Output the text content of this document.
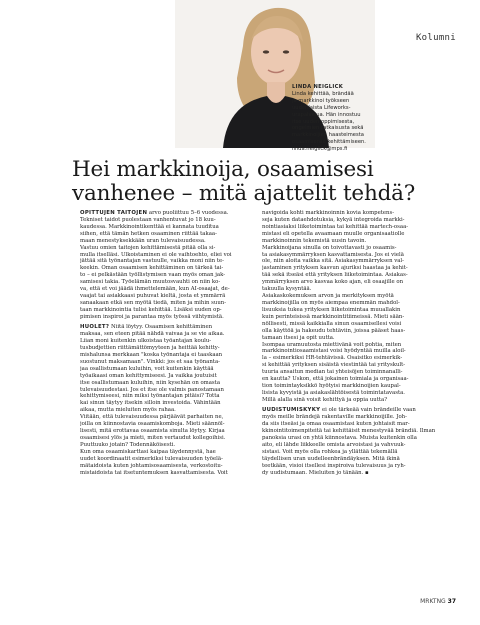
Kolumni
LINDA NEIGLICK
Linda kehittää, brändää
ja markkinoi työkseen
uudenlaista Lifeworks-
urapalvelua. Hän innostuu
itse uuden oppimisesta,
ongelmien ratkaisusta sekä
markkinoijien haasteimesta
osaamisensa kehittämiseen.
linda.neiglick@mps.fi
Hei markkinoija, osaamisesi
vanhenee – mitä ajattelit tehdä?
OPITTUJEN TAITOJEN arvo puoliittuu 5–6 vuodessa.
Tekniset taidot puolestaan vanhentuvat jo 18 kuu-
kaudessa. Markkinointikenttää ei kannata tuuditua
siihen, että tämän hetken osaaminen riittää takaa-
maan menestyksekkään uran tulevaisuudessa.
Vastuu omien taitojen kehittämisestä pitää olla si-
mulla itselläsi. Ulkoistaminen ei ole vaihtoehto, eliei voi
jättää sitä työnantajan vastuulle, vaikka moni niin te-
keekin. Oman osaamisen kehittäminen on tärkeä tai-
to – ei pelkästään työllistymisen vaan myös oman jak-
samisesi takia. Työelämän muutosvauhti on niin ko-
va, että et voi jäädä ihmettelemään, kun AI-osaajat, de-
vaajat tai asiakkaasi puhuvat kieltä, josta et ymmärrä
sanaakaan etkä sen myötä tiedä, miten ja mihin suun-
taan markkinointia tulisi kehittää. Lisäksi uuden op-
pimisen inspiroi ja parantaa myös työssä viihtymistä.
HUOLET? Niitä löytyy. Osaamisen kehittäminen
maksaa, sen eteen pitää nähdä vaivaa ja se vie aikaa.
Liian moni kuitenkin ulkoistaa työantajan koulu-
tusbudjettien riittämättömyyteen ja heittää kehitty-
mishalunsa merkkaan "koska työnantaja ei taaskaan
suostunut maksamaan". Vinkki: jos et saa työnanta-
jaa osallistumaan kuluihin, voit kuitenkin käyttää
työaikaasi oman kehittymiseesi. Ja vaikka joutuisit
itse osallistumaan kuluihin, niin kysehän on omasta
tulevaisuudestasi. Jos et itse ole valmis panostamaan
kehittymiseesi, niin miksi työnantajan pitäisi? Totta
kai sinun täytyy itsekin silloin investoida. Vähintään
aikaa, mutta mieluiten myös rahaa.
Viitään, että tulevaisuudessa pärjäävät parhaiten ne,
joilla on kiinnostavia osaamiskomboja. Mieti säännöl-
lisesti, mitä erottavaa osaamista sinulta löytyy. Kirjaa
osaamisesi ylös ja mieti, miten vertaudut kollegoihisi.
Puuttuuko jotain? Todennäköisesti.
Kun oma osaamiskarttasi kaipaa täydennystä, hae
uudet koordinaatit esimerkiksi tulevaisuuden työelä-
mätaidoista kuten johtamisosaamisesta, verkostoitu-
mistaidoista tai itsetuntemuksen kasvattamisesta. Voit
navigoida kohti markkinoinnin kovia kompetens-
seja kuten dataehdotuksia, kykyä integroida markki-
nointiasiaksi liiketoimintaa tai kehittää martech-osaa-
mistasi eli opetella avaamaan muulle organisaatiolle
markkinoinnin tekemistä uusin tavoin.
Markkinoijana sinulla on toivottavasti jo osaamis-
ta asiakasymmärryksen kasvattamisesta. Jos ei vielä
ole, niin aloita vaikka sitä. Asiakasymmärryksen val-
jastaminen yrityksen kasvun ajuriksi haastaa ja kehit-
tää sekä itseäsi että yrityksen liiketoimintaa. Asiakas-
ymmärryksen arvo kasvaa koko ajan, eli osaajille on
takuulla kysyntää.
Asiakaskokemuksen arvon ja merkityksen myötä
markkinoijilla on myös aiempaa enemmän mahdol-
lisuuksia tukea yrityksen liiketoimintaa muuallakin
kuin perinteisissä markkinointitiimeissä. Mieti sään-
nöllisesti, missä kaikkialla sinun osaamisellesi voisi
olla käyttöä ja hakeudu tehtäviin, joissa pääset haas-
tamaan itsesi ja opit uutta.
Isompaa uramuutosta miettivänä voit pohtia, miten
markkinointiosaamistasi voisi hyödyntää muilla aloil-
la – esimerkiksi HR-tehtävissä. Osaisitko esimerkik-
si kehittää yrityksen sisäistä viestintää tai yrityskult-
tuuria ansaitun median tai yhteisöjen toiminnanalli-
en kautta? Uskon, että jokainen toimiala ja organisaa-
tion toimintayksikkö hyötyisi markkinoijien kaupal-
lisista kyvyistä ja asiakaslähtöisestä toimintatavasta.
Millä alalla sinä voisit kehittyä ja oppia uutta?
UUDISTUMISKYKY ei ole tärkeää vain brändeille vaan
myös meille brändejä rakentaville markkinoijille. Joh-
da siis itseäsi ja omaa osaamistasi kuten johtaisit mar-
kkinointitoimenpiteitä tai kehittäisit menestyvää brändiä. Ilman
panoksia urasi on yhtä kiinnostava. Muista kuitenkin olla
aito, eli lähde liikkeelle omista arvoistasi ja vahvuuk-
sistasi. Voit myös olla rohkea ja yllättää tekemällä
täydellisen uran uudelleenbrändäyksen. Mitä ikinä
teetkään, visioi itsellesi inspiroiva tulevaisuus ja ryh-
dy uudistumaan. Mieluiten jo tänään. ▪
MRKTNG 37
